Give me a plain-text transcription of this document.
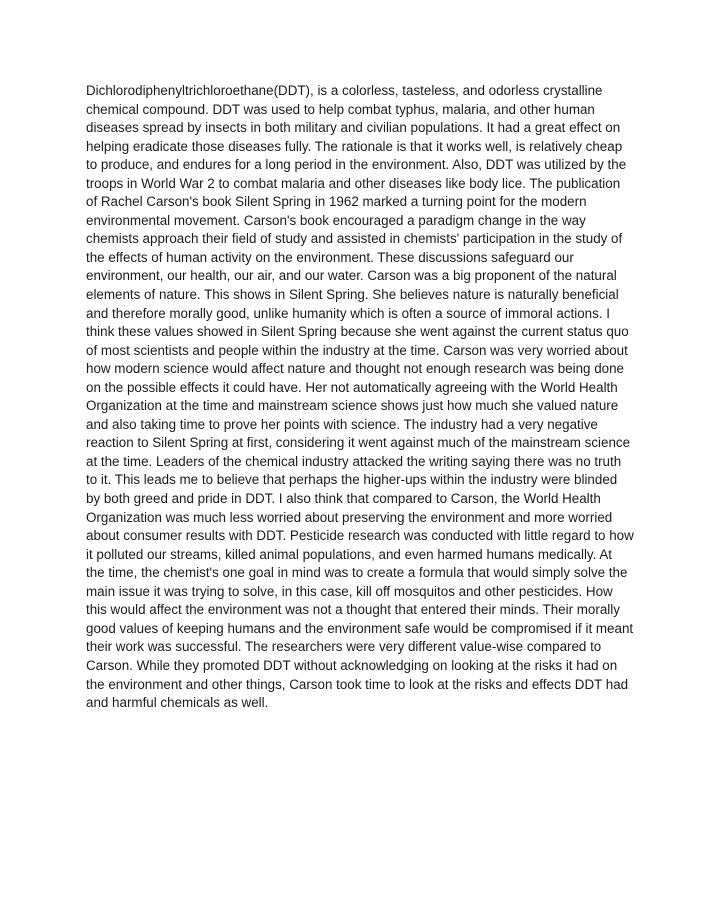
Dichlorodiphenyltrichloroethane(DDT), is a colorless, tasteless, and odorless crystalline chemical compound. DDT was used to help combat typhus, malaria, and other human diseases spread by insects in both military and civilian populations. It had a great effect on helping eradicate those diseases fully. The rationale is that it works well, is relatively cheap to produce, and endures for a long period in the environment. Also, DDT was utilized by the troops in World War 2 to combat malaria and other diseases like body lice. The publication of Rachel Carson's book Silent Spring in 1962 marked a turning point for the modern environmental movement. Carson's book encouraged a paradigm change in the way chemists approach their field of study and assisted in chemists' participation in the study of the effects of human activity on the environment. These discussions safeguard our environment, our health, our air, and our water. Carson was a big proponent of the natural elements of nature. This shows in Silent Spring. She believes nature is naturally beneficial and therefore morally good, unlike humanity which is often a source of immoral actions. I think these values showed in Silent Spring because she went against the current status quo of most scientists and people within the industry at the time. Carson was very worried about how modern science would affect nature and thought not enough research was being done on the possible effects it could have. Her not automatically agreeing with the World Health Organization at the time and mainstream science shows just how much she valued nature and also taking time to prove her points with science. The industry had a very negative reaction to Silent Spring at first, considering it went against much of the mainstream science at the time. Leaders of the chemical industry attacked the writing saying there was no truth to it. This leads me to believe that perhaps the higher-ups within the industry were blinded by both greed and pride in DDT. I also think that compared to Carson, the World Health Organization was much less worried about preserving the environment and more worried about consumer results with DDT. Pesticide research was conducted with little regard to how it polluted our streams, killed animal populations, and even harmed humans medically. At the time, the chemist's one goal in mind was to create a formula that would simply solve the main issue it was trying to solve, in this case, kill off mosquitos and other pesticides. How this would affect the environment was not a thought that entered their minds. Their morally good values of keeping humans and the environment safe would be compromised if it meant their work was successful. The researchers were very different value-wise compared to Carson. While they promoted DDT without acknowledging on looking at the risks it had on the environment and other things, Carson took time to look at the risks and effects DDT had and harmful chemicals as well.
